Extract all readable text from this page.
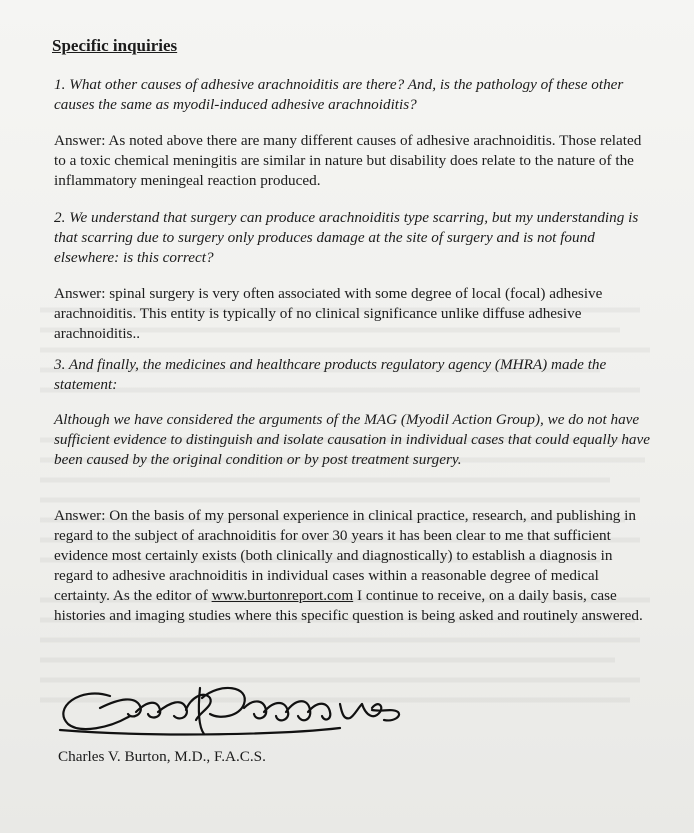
Specific inquiries
1. What other causes of adhesive arachnoiditis are there? And, is the pathology of these other causes the same as myodil-induced adhesive arachnoiditis?
Answer: As noted above there are many different causes of adhesive arachnoiditis. Those related to a toxic chemical meningitis are similar in nature but disability does relate to the nature of the inflammatory meningeal reaction produced.
2. We understand that surgery can produce arachnoiditis type scarring, but my understanding is that scarring due to surgery only produces damage at the site of surgery and is not found elsewhere: is this correct?
Answer: spinal surgery is very often associated with some degree of local (focal) adhesive arachnoiditis. This entity is typically of no clinical significance unlike diffuse adhesive arachnoiditis..
3. And finally, the medicines and healthcare products regulatory agency (MHRA) made the statement:
Although we have considered the arguments of the MAG (Myodil Action Group), we do not have sufficient evidence to distinguish and isolate causation in individual cases that could equally have been caused by the original condition or by post treatment surgery.
Answer: On the basis of my personal experience in clinical practice, research, and publishing in regard to the subject of arachnoiditis for over 30 years it has been clear to me that sufficient evidence most certainly exists (both clinically and diagnostically) to establish a diagnosis in regard to adhesive arachnoiditis in individual cases within a reasonable degree of medical certainty. As the editor of www.burtonreport.com I continue to receive, on a daily basis, case histories and imaging studies where this specific question is being asked and routinely answered.
Charles V. Burton, M.D., F.A.C.S.
